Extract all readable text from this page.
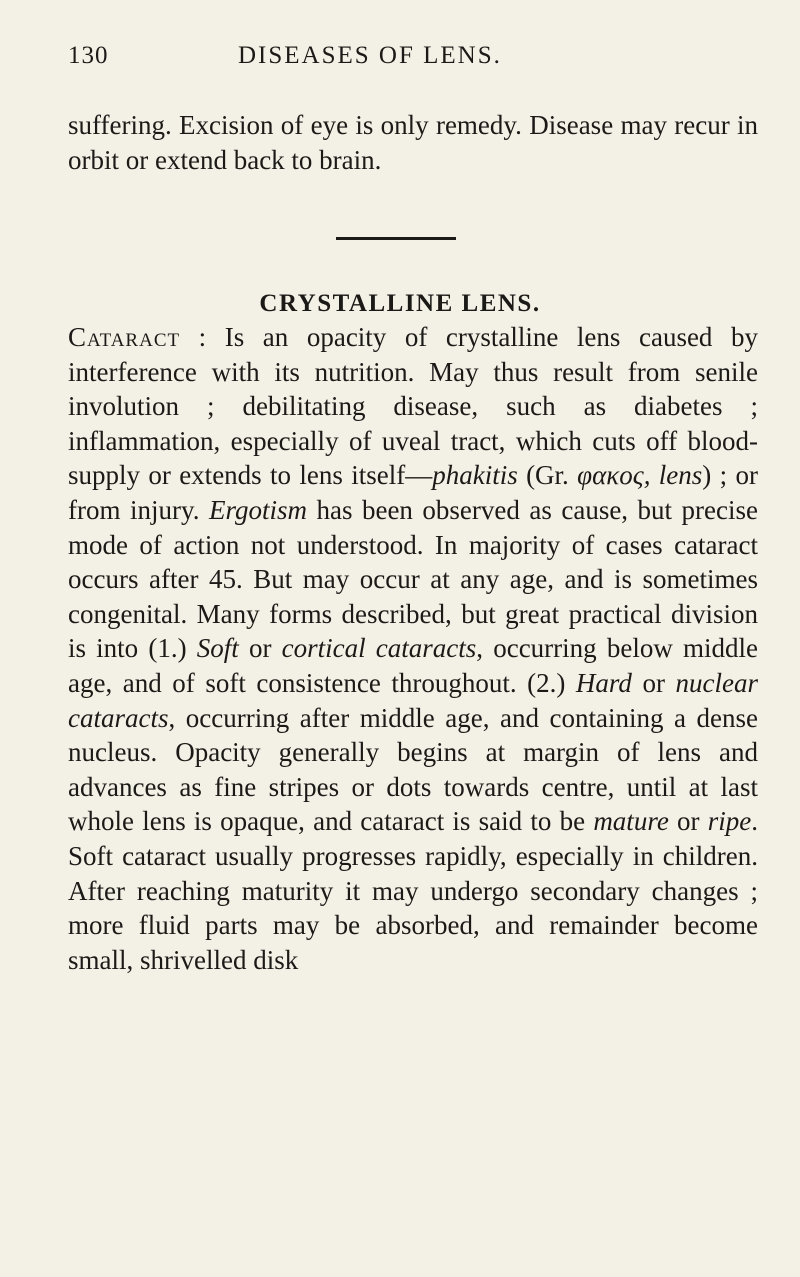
130	DISEASES OF LENS.

suffering. Excision of eye is only remedy. Disease may recur in orbit or extend back to brain.

CRYSTALLINE LENS.

Cataract : Is an opacity of crystalline lens caused by interference with its nutrition. May thus result from senile involution ; debilitating disease, such as diabetes ; inflammation, especially of uveal tract, which cuts off blood-supply or extends to lens itself—phakitis (Gr. φακος, lens) ; or from injury. Ergotism has been observed as cause, but precise mode of action not understood. In majority of cases cataract occurs after 45. But may occur at any age, and is sometimes congenital. Many forms described, but great practical division is into (1.) Soft or cortical cataracts, occurring below middle age, and of soft consistence throughout. (2.) Hard or nuclear cataracts, occurring after middle age, and containing a dense nucleus. Opacity generally begins at margin of lens and advances as fine stripes or dots towards centre, until at last whole lens is opaque, and cataract is said to be mature or ripe. Soft cataract usually progresses rapidly, especially in children. After reaching maturity it may undergo secondary changes ; more fluid parts may be absorbed, and remainder become small, shrivelled disk
